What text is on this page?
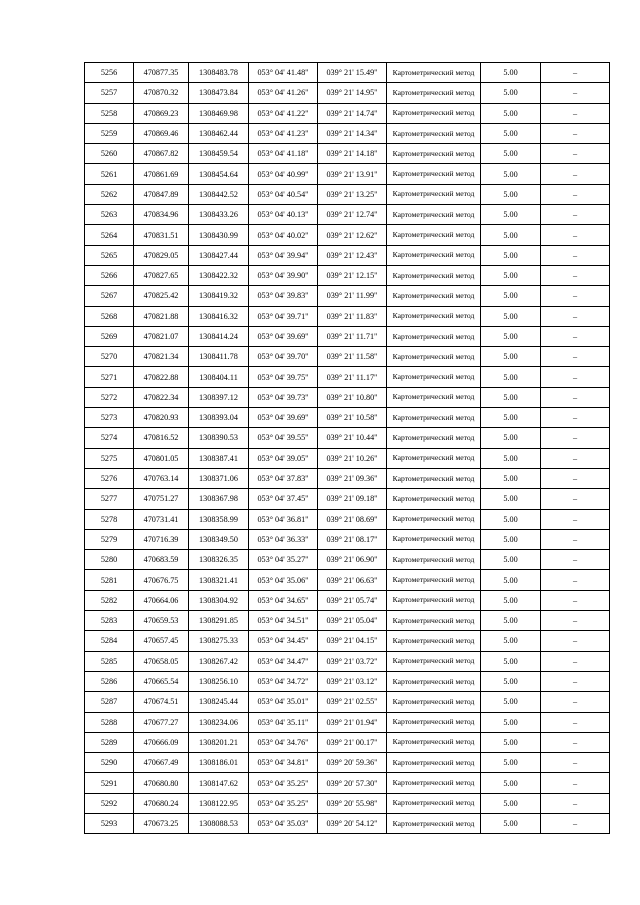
5256	470877.35	1308483.78	053° 04' 41.48"	039° 21' 15.49"	Картометрический метод	5.00	–
5257	470870.32	1308473.84	053° 04' 41.26"	039° 21' 14.95"	Картометрический метод	5.00	–
5258	470869.23	1308469.98	053° 04' 41.22"	039° 21' 14.74"	Картометрический метод	5.00	–
5259	470869.46	1308462.44	053° 04' 41.23"	039° 21' 14.34"	Картометрический метод	5.00	–
5260	470867.82	1308459.54	053° 04' 41.18"	039° 21' 14.18"	Картометрический метод	5.00	–
5261	470861.69	1308454.64	053° 04' 40.99"	039° 21' 13.91"	Картометрический метод	5.00	–
5262	470847.89	1308442.52	053° 04' 40.54"	039° 21' 13.25"	Картометрический метод	5.00	–
5263	470834.96	1308433.26	053° 04' 40.13"	039° 21' 12.74"	Картометрический метод	5.00	–
5264	470831.51	1308430.99	053° 04' 40.02"	039° 21' 12.62"	Картометрический метод	5.00	–
5265	470829.05	1308427.44	053° 04' 39.94"	039° 21' 12.43"	Картометрический метод	5.00	–
5266	470827.65	1308422.32	053° 04' 39.90"	039° 21' 12.15"	Картометрический метод	5.00	–
5267	470825.42	1308419.32	053° 04' 39.83"	039° 21' 11.99"	Картометрический метод	5.00	–
5268	470821.88	1308416.32	053° 04' 39.71"	039° 21' 11.83"	Картометрический метод	5.00	–
5269	470821.07	1308414.24	053° 04' 39.69"	039° 21' 11.71"	Картометрический метод	5.00	–
5270	470821.34	1308411.78	053° 04' 39.70"	039° 21' 11.58"	Картометрический метод	5.00	–
5271	470822.88	1308404.11	053° 04' 39.75"	039° 21' 11.17"	Картометрический метод	5.00	–
5272	470822.34	1308397.12	053° 04' 39.73"	039° 21' 10.80"	Картометрический метод	5.00	–
5273	470820.93	1308393.04	053° 04' 39.69"	039° 21' 10.58"	Картометрический метод	5.00	–
5274	470816.52	1308390.53	053° 04' 39.55"	039° 21' 10.44"	Картометрический метод	5.00	–
5275	470801.05	1308387.41	053° 04' 39.05"	039° 21' 10.26"	Картометрический метод	5.00	–
5276	470763.14	1308371.06	053° 04' 37.83"	039° 21' 09.36"	Картометрический метод	5.00	–
5277	470751.27	1308367.98	053° 04' 37.45"	039° 21' 09.18"	Картометрический метод	5.00	–
5278	470731.41	1308358.99	053° 04' 36.81"	039° 21' 08.69"	Картометрический метод	5.00	–
5279	470716.39	1308349.50	053° 04' 36.33"	039° 21' 08.17"	Картометрический метод	5.00	–
5280	470683.59	1308326.35	053° 04' 35.27"	039° 21' 06.90"	Картометрический метод	5.00	–
5281	470676.75	1308321.41	053° 04' 35.06"	039° 21' 06.63"	Картометрический метод	5.00	–
5282	470664.06	1308304.92	053° 04' 34.65"	039° 21' 05.74"	Картометрический метод	5.00	–
5283	470659.53	1308291.85	053° 04' 34.51"	039° 21' 05.04"	Картометрический метод	5.00	–
5284	470657.45	1308275.33	053° 04' 34.45"	039° 21' 04.15"	Картометрический метод	5.00	–
5285	470658.05	1308267.42	053° 04' 34.47"	039° 21' 03.72"	Картометрический метод	5.00	–
5286	470665.54	1308256.10	053° 04' 34.72"	039° 21' 03.12"	Картометрический метод	5.00	–
5287	470674.51	1308245.44	053° 04' 35.01"	039° 21' 02.55"	Картометрический метод	5.00	–
5288	470677.27	1308234.06	053° 04' 35.11"	039° 21' 01.94"	Картометрический метод	5.00	–
5289	470666.09	1308201.21	053° 04' 34.76"	039° 21' 00.17"	Картометрический метод	5.00	–
5290	470667.49	1308186.01	053° 04' 34.81"	039° 20' 59.36"	Картометрический метод	5.00	–
5291	470680.80	1308147.62	053° 04' 35.25"	039° 20' 57.30"	Картометрический метод	5.00	–
5292	470680.24	1308122.95	053° 04' 35.25"	039° 20' 55.98"	Картометрический метод	5.00	–
5293	470673.25	1308088.53	053° 04' 35.03"	039° 20' 54.12"	Картометрический метод	5.00	–
